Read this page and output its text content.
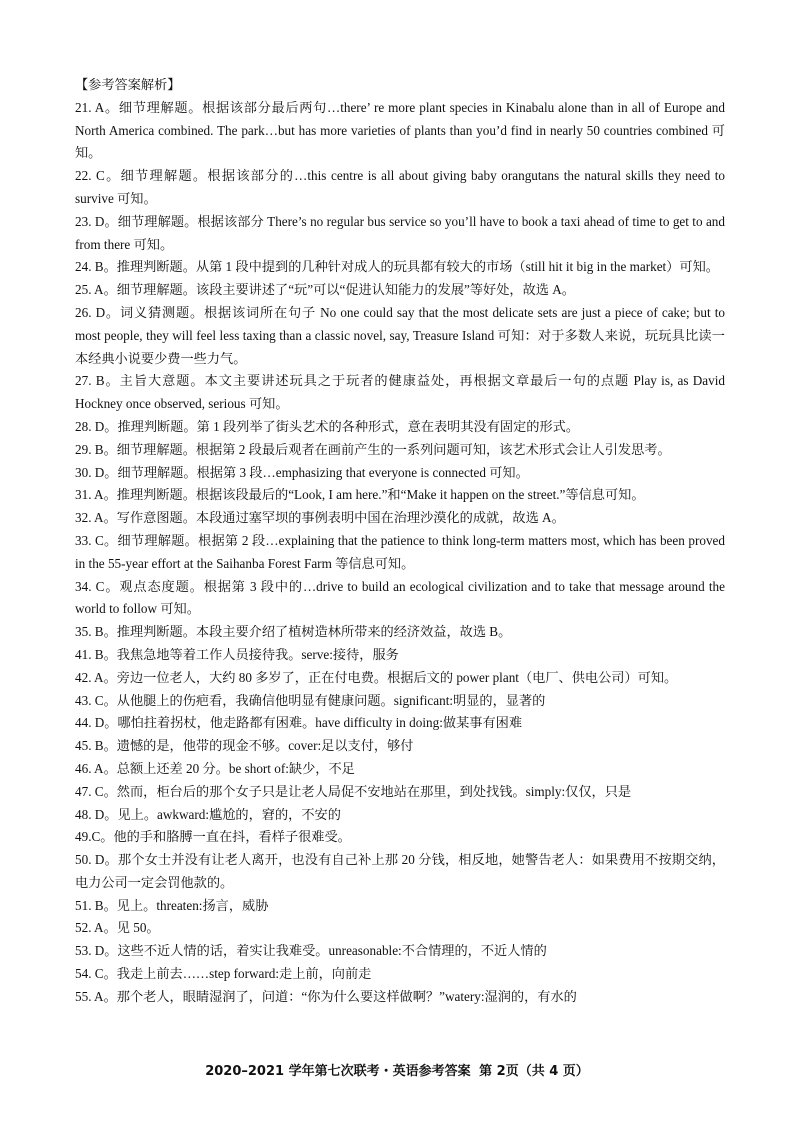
【参考答案解析】
21. A。细节理解题。根据该部分最后两句…there’ re more plant species in Kinabalu alone than in all of Europe and North America combined. The park…but has more varieties of plants than you’d find in nearly 50 countries combined 可知。
22. C。细节理解题。根据该部分的…this centre is all about giving baby orangutans the natural skills they need to survive 可知。
23. D。细节理解题。根据该部分 There’s no regular bus service so you’ll have to book a taxi ahead of time to get to and from there 可知。
24. B。推理判断题。从第 1 段中提到的几种针对成人的玩具都有较大的市场（still hit it big in the market）可知。
25. A。细节理解题。该段主要讲述了“玩”可以“促进认知能力的发展”等好处，故选 A。
26. D。词义猜测题。根据该词所在句子 No one could say that the most delicate sets are just a piece of cake; but to most people, they will feel less taxing than a classic novel, say, Treasure Island 可知：对于多数人来说，玩玩具比读一本经典小说要少费一些力气。
27. B。主旨大意题。本文主要讲述玩具之于玩者的健康益处，再根据文章最后一句的点题 Play is, as David Hockney once observed, serious 可知。
28. D。推理判断题。第 1 段列举了街头艺术的各种形式，意在表明其没有固定的形式。
29. B。细节理解题。根据第 2 段最后观者在画前产生的一系列问题可知，该艺术形式会让人引发思考。
30. D。细节理解题。根据第 3 段…emphasizing that everyone is connected 可知。
31. A。推理判断题。根据该段最后的“Look, I am here.”和“Make it happen on the street.”等信息可知。
32. A。写作意图题。本段通过塞罕坝的事例表明中国在治理沙漠化的成就，故选 A。
33. C。细节理解题。根据第 2 段…explaining that the patience to think long-term matters most, which has been proved in the 55-year effort at the Saihanba Forest Farm 等信息可知。
34. C。观点态度题。根据第 3 段中的…drive to build an ecological civilization and to take that message around the world to follow 可知。
35. B。推理判断题。本段主要介绍了植树造林所带来的经济效益，故选 B。
41. B。我焦急地等着工作人员接待我。serve:接待，服务
42. A。旁边一位老人，大约 80 多岁了，正在付电费。根据后文的 power plant（电厂、供电公司）可知。
43. C。从他腿上的伤疤看，我确信他明显有健康问题。significant:明显的，显著的
44. D。哪怕拄着拐杖，他走路都有困难。have difficulty in doing:做某事有困难
45. B。遗憾的是，他带的现金不够。cover:足以支付，够付
46. A。总额上还差 20 分。be short of:缺少，不足
47. C。然而，柜台后的那个女子只是让老人局促不安地站在那里，到处找钱。simply:仅仅，只是
48. D。见上。awkward:尴尬的，窘的，不安的
49.C。他的手和胳膊一直在抖，看样子很难受。
50. D。那个女士并没有让老人离开，也没有自己补上那 20 分钱，相反地，她警告老人：如果费用不按期交纳，电力公司一定会罚他款的。
51. B。见上。threaten:扬言，威胁
52. A。见 50。
53. D。这些不近人情的话，着实让我难受。unreasonable:不合情理的，不近人情的
54. C。我走上前去……step forward:走上前，向前走
55. A。那个老人，眼睛湿润了，问道：“你为什么要这样做啊？”watery:湿润的，有水的
2020–2021 学年第七次联考・英语参考答案 第 2页（共 4 页）
